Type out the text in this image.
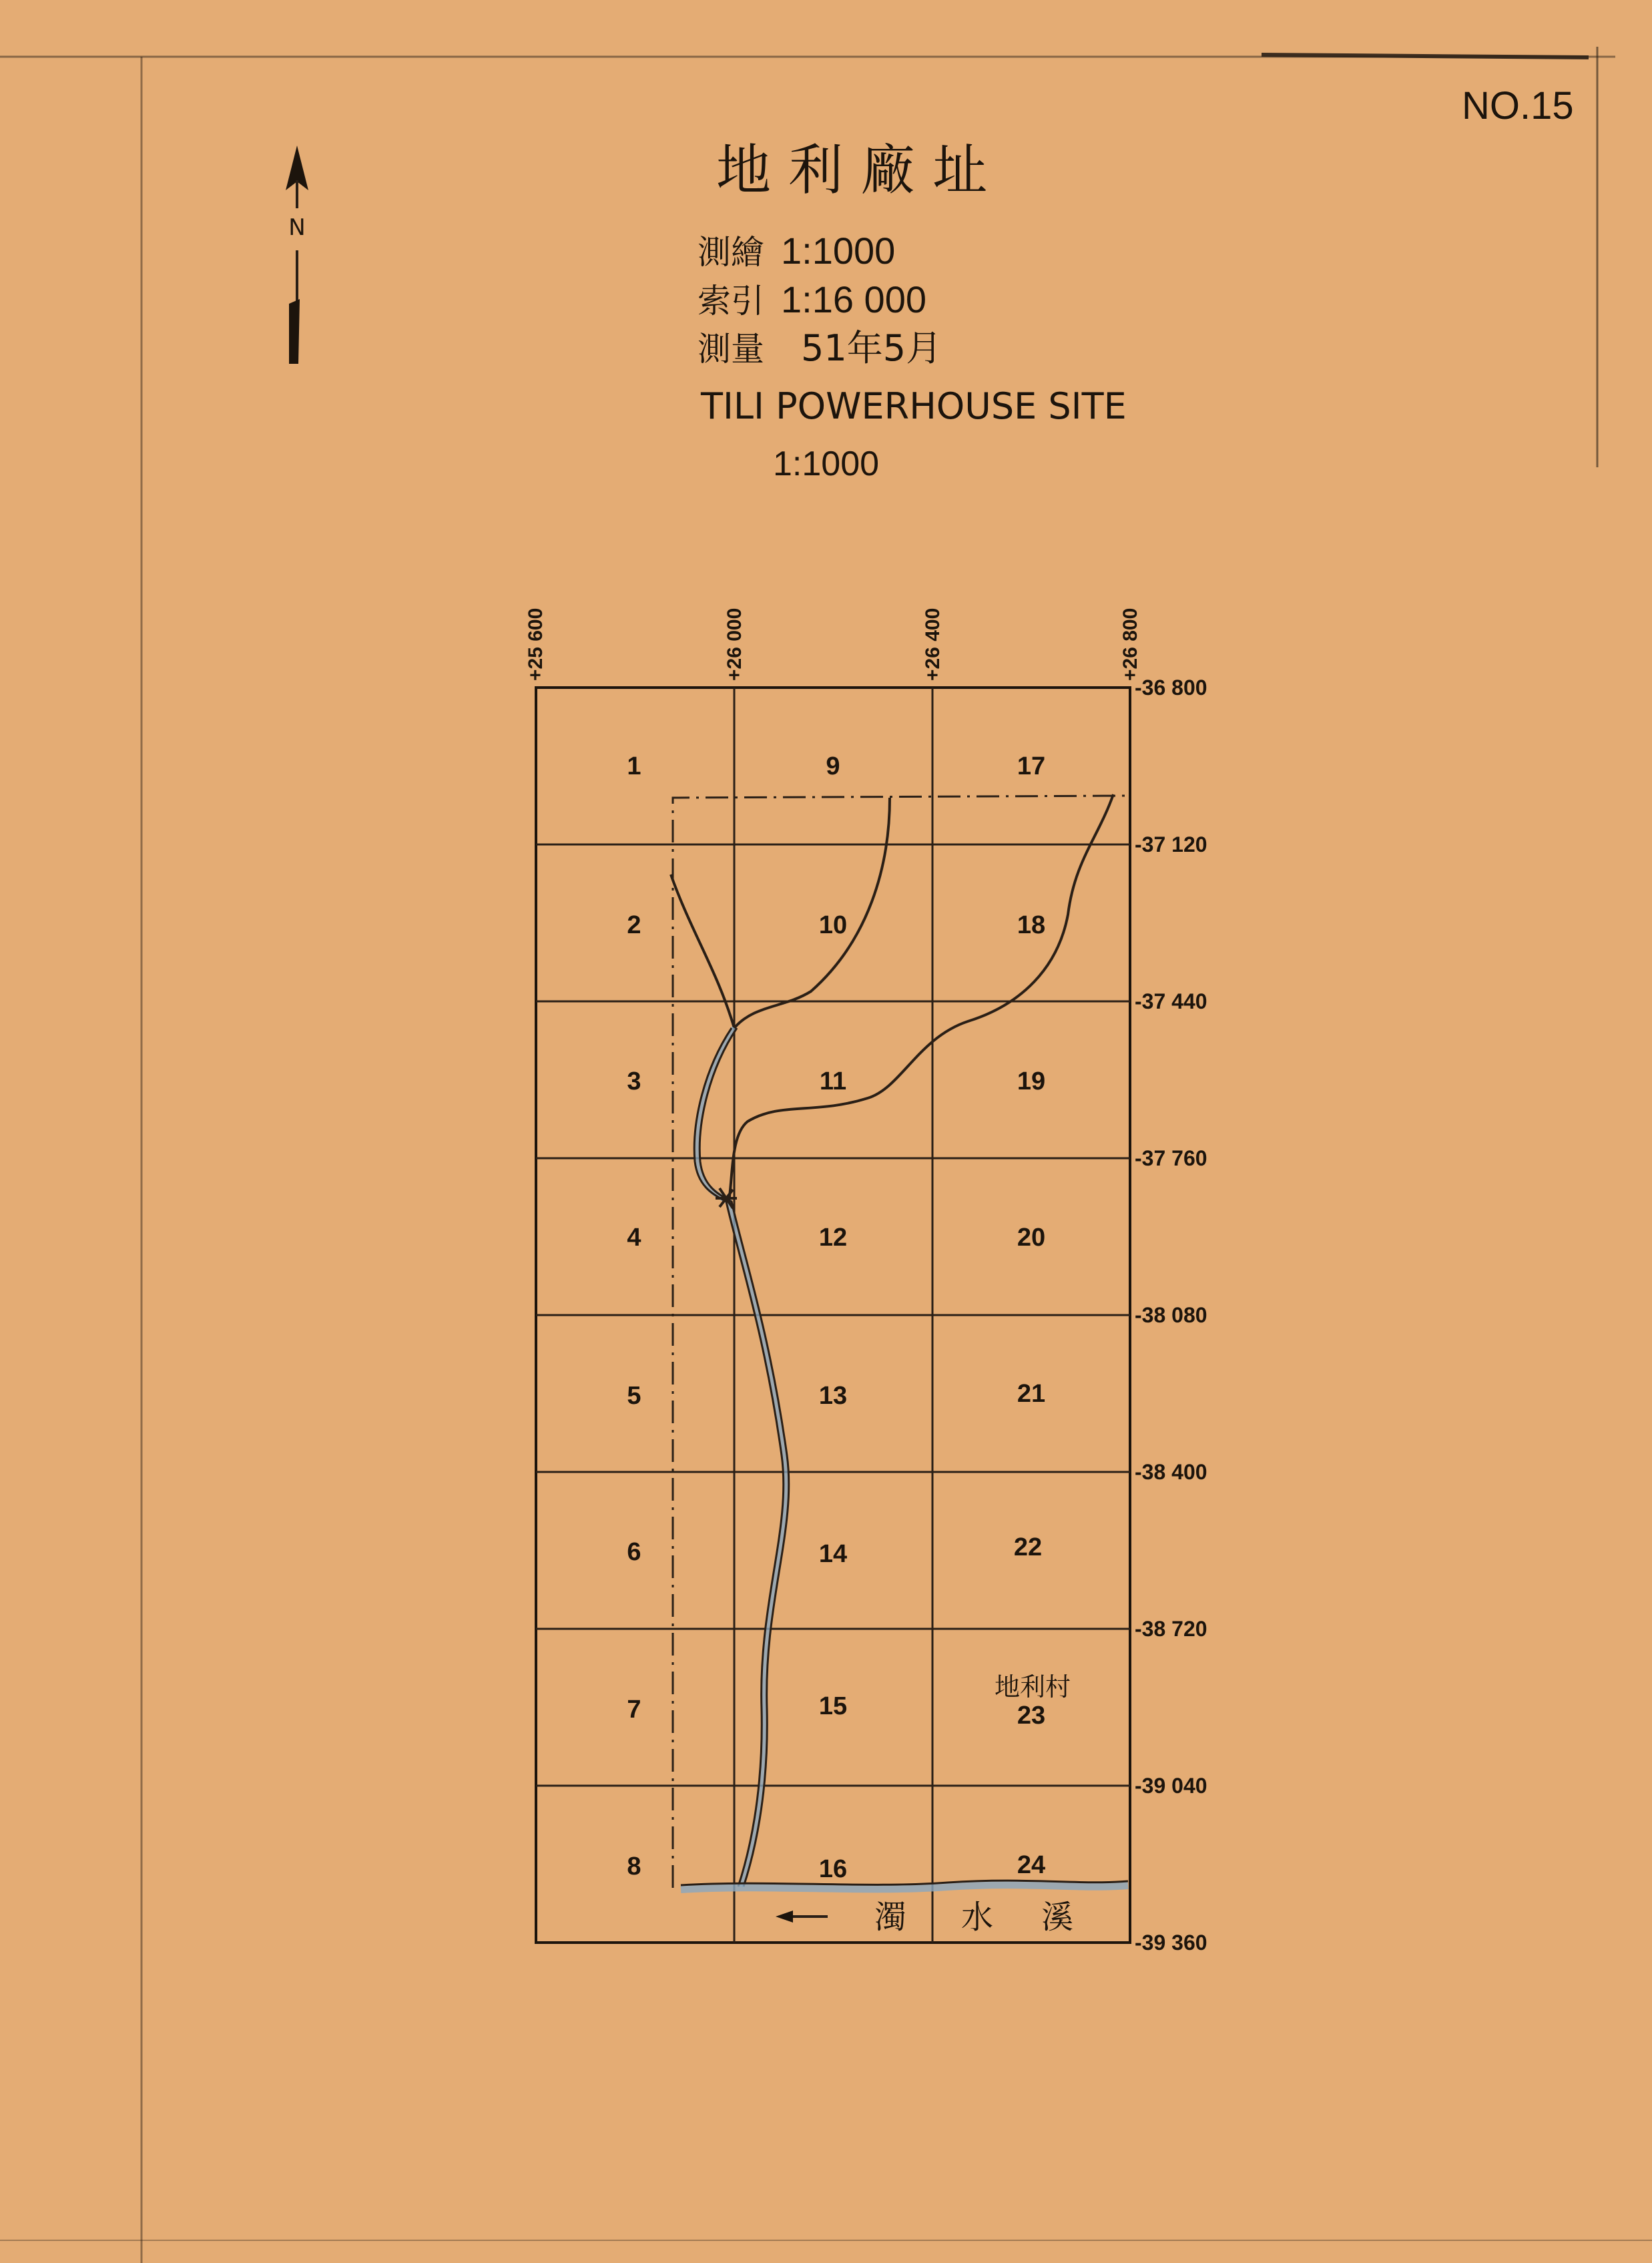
NO.15
N
地 利 廠 址
測繪 1:1000
索引 1:16 000
測量 51年5月
TILI POWERHOUSE SITE
1:1000
濁 水 溪
地利村
+25 600	+26 000	+26 400	+26 800
-36 800
-37 120
-37 440
-37 760
-38 080
-38 400
-38 720
-39 040
-39 360
1
2
3
4
5
6
7
8
9
10
11
12
13
14
15
16
17
18
19
20
21
22
23
24
